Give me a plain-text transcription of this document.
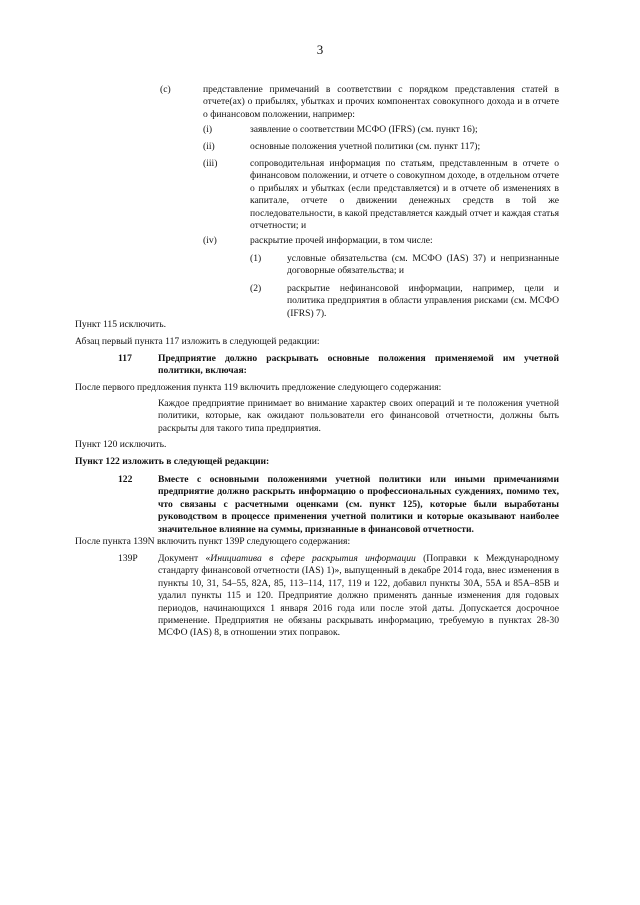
3
(c)	представление примечаний в соответствии с порядком представления статей в отчете(ах) о прибылях, убытках и прочих компонентах совокупного дохода и в отчете о финансовом положении, например:
(i)	заявление о соответствии МСФО (IFRS) (см. пункт 16);
(ii)	основные положения учетной политики (см. пункт 117);
(iii)	сопроводительная информация по статьям, представленным в отчете о финансовом положении, и отчете о совокупном доходе, в отдельном отчете о прибылях и убытках (если представляется) и в отчете об изменениях в капитале, отчете о движении денежных средств в той же последовательности, в какой представляется каждый отчет и каждая статья отчетности; и
(iv)	раскрытие прочей информации, в том числе:
(1)	условные обязательства (см. МСФО (IAS) 37) и непризнанные договорные обязательства; и
(2)	раскрытие нефинансовой информации, например, цели и политика предприятия в области управления рисками (см. МСФО (IFRS) 7).
Пункт 115 исключить.
Абзац первый пункта 117 изложить в следующей редакции:
117	Предприятие должно раскрывать основные положения применяемой им учетной политики, включая:
После первого предложения пункта 119 включить предложение следующего содержания:
Каждое предприятие принимает во внимание характер своих операций и те положения учетной политики, которые, как ожидают пользователи его финансовой отчетности, должны быть раскрыты для такого типа предприятия.
Пункт 120 исключить.
Пункт 122 изложить в следующей редакции:
122	Вместе с основными положениями учетной политики или иными примечаниями предприятие должно раскрыть информацию о профессиональных суждениях, помимо тех, что связаны с расчетными оценками (см. пункт 125), которые были выработаны руководством в процессе применения учетной политики и которые оказывают наиболее значительное влияние на суммы, признанные в финансовой отчетности.
После пункта 139N включить пункт 139P следующего содержания:
139P Документ «Инициатива в сфере раскрытия информации (Поправки к Международному стандарту финансовой отчетности (IAS) 1)», выпущенный в декабре 2014 года, внес изменения в пункты 10, 31, 54–55, 82A, 85, 113–114, 117, 119 и 122, добавил пункты 30A, 55A и 85A–85B и удалил пункты 115 и 120. Предприятие должно применять данные изменения для годовых периодов, начинающихся 1 января 2016 года или после этой даты. Допускается досрочное применение. Предприятия не обязаны раскрывать информацию, требуемую в пунктах 28-30 МСФО (IAS) 8, в отношении этих поправок.
